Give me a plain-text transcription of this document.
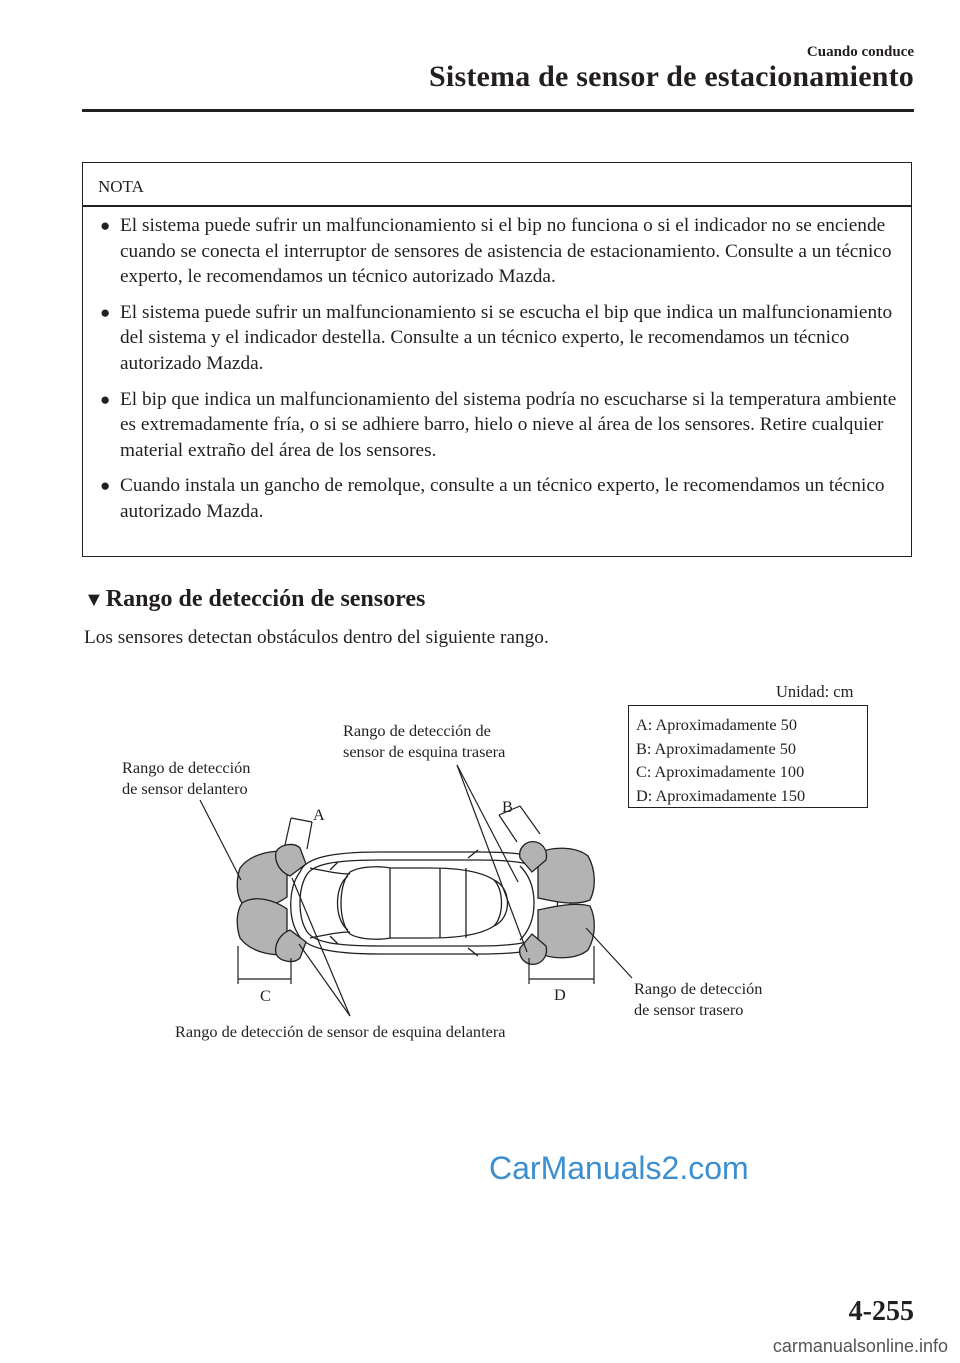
Cuando conduce
Sistema de sensor de estacionamiento
NOTA
● El sistema puede sufrir un malfuncionamiento si el bip no funciona o si el indicador no se enciende cuando se conecta el interruptor de sensores de asistencia de estacionamiento. Consulte a un técnico experto, le recomendamos un técnico autorizado Mazda.
● El sistema puede sufrir un malfuncionamiento si se escucha el bip que indica un malfuncionamiento del sistema y el indicador destella. Consulte a un técnico experto, le recomendamos un técnico autorizado Mazda.
● El bip que indica un malfuncionamiento del sistema podría no escucharse si la temperatura ambiente es extremadamente fría, o si se adhiere barro, hielo o nieve al área de los sensores. Retire cualquier material extraño del área de los sensores.
● Cuando instala un gancho de remolque, consulte a un técnico experto, le recomendamos un técnico autorizado Mazda.
▼Rango de detección de sensores
Los sensores detectan obstáculos dentro del siguiente rango.
Unidad: cm
A: Aproximadamente 50
B: Aproximadamente 50
C: Aproximadamente 100
D: Aproximadamente 150
Rango de detección
de sensor delantero
Rango de detección de
sensor de esquina trasera
Rango de detección
de sensor trasero
Rango de detección de sensor de esquina delantera
A	B
C	D
CarManuals2.com
4-255
carmanualsonline.info
